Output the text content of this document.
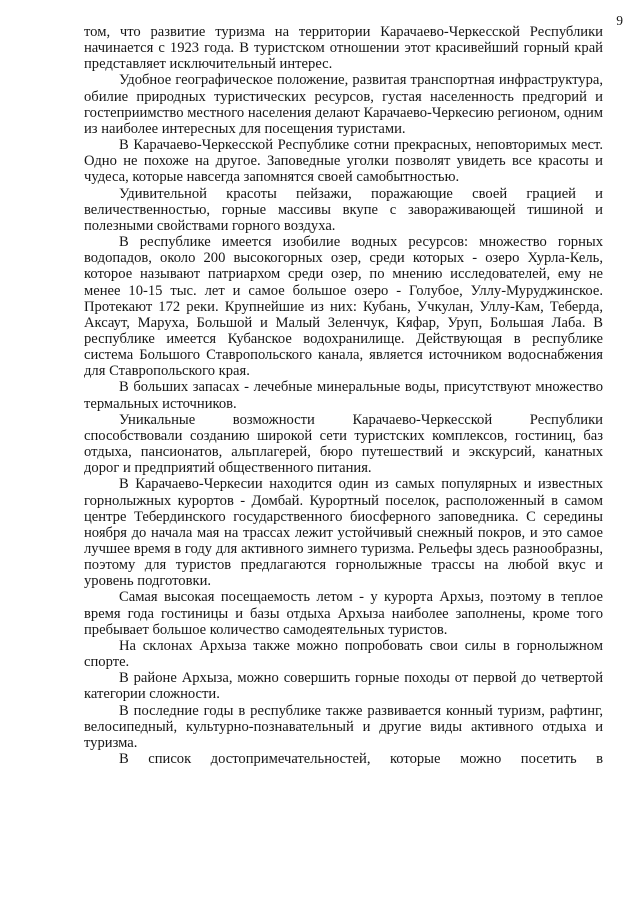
9

том, что развитие туризма на территории Карачаево-Черкесской Республики начинается с 1923 года. В туристском отношении этот красивейший горный край представляет исключительный интерес.

Удобное географическое положение, развитая транспортная инфраструктура, обилие природных туристических ресурсов, густая населенность предгорий и гостеприимство местного населения делают Карачаево-Черкесию регионом, одним из наиболее интересных для посещения туристами.

В Карачаево-Черкесской Республике сотни прекрасных, неповторимых мест. Одно не похоже на другое. Заповедные уголки позволят увидеть все красоты и чудеса, которые навсегда запомнятся своей самобытностью.

Удивительной красоты пейзажи, поражающие своей грацией и величественностью, горные массивы вкупе с завораживающей тишиной и полезными свойствами горного воздуха.

В республике имеется изобилие водных ресурсов: множество горных водопадов, около 200 высокогорных озер, среди которых - озеро Хурла-Кель, которое называют патриархом среди озер, по мнению исследователей, ему не менее 10-15 тыс. лет и самое большое озеро - Голубое, Уллу-Муруджинское. Протекают 172 реки. Крупнейшие из них: Кубань, Учкулан, Уллу-Кам, Теберда, Аксаут, Маруха, Большой и Малый Зеленчук, Кяфар, Уруп, Большая Лаба. В республике имеется Кубанское водохранилище. Действующая в республике система Большого Ставропольского канала, является источником водоснабжения для Ставропольского края.

В больших запасах - лечебные минеральные воды, присутствуют множество термальных источников.

Уникальные возможности Карачаево-Черкесской Республики способствовали созданию широкой сети туристских комплексов, гостиниц, баз отдыха, пансионатов, альплагерей, бюро путешествий и экскурсий, канатных дорог и предприятий общественного питания.

В Карачаево-Черкесии находится один из самых популярных и известных горнолыжных курортов - Домбай. Курортный поселок, расположенный в самом центре Тебердинского государственного биосферного заповедника. С середины ноября до начала мая на трассах лежит устойчивый снежный покров, и это самое лучшее время в году для активного зимнего туризма. Рельефы здесь разнообразны, поэтому для туристов предлагаются горнолыжные трассы на любой вкус и уровень подготовки.

Самая высокая посещаемость летом - у курорта Архыз, поэтому в теплое время года гостиницы и базы отдыха Архыза наиболее заполнены, кроме того пребывает большое количество самодеятельных туристов.

На склонах Архыза также можно попробовать свои силы в горнолыжном спорте.

В районе Архыза, можно совершить горные походы от первой до четвертой категории сложности.

В последние годы в республике также развивается конный туризм, рафтинг, велосипедный, культурно-познавательный и другие виды активного отдыха и туризма.

В список достопримечательностей, которые можно посетить в
